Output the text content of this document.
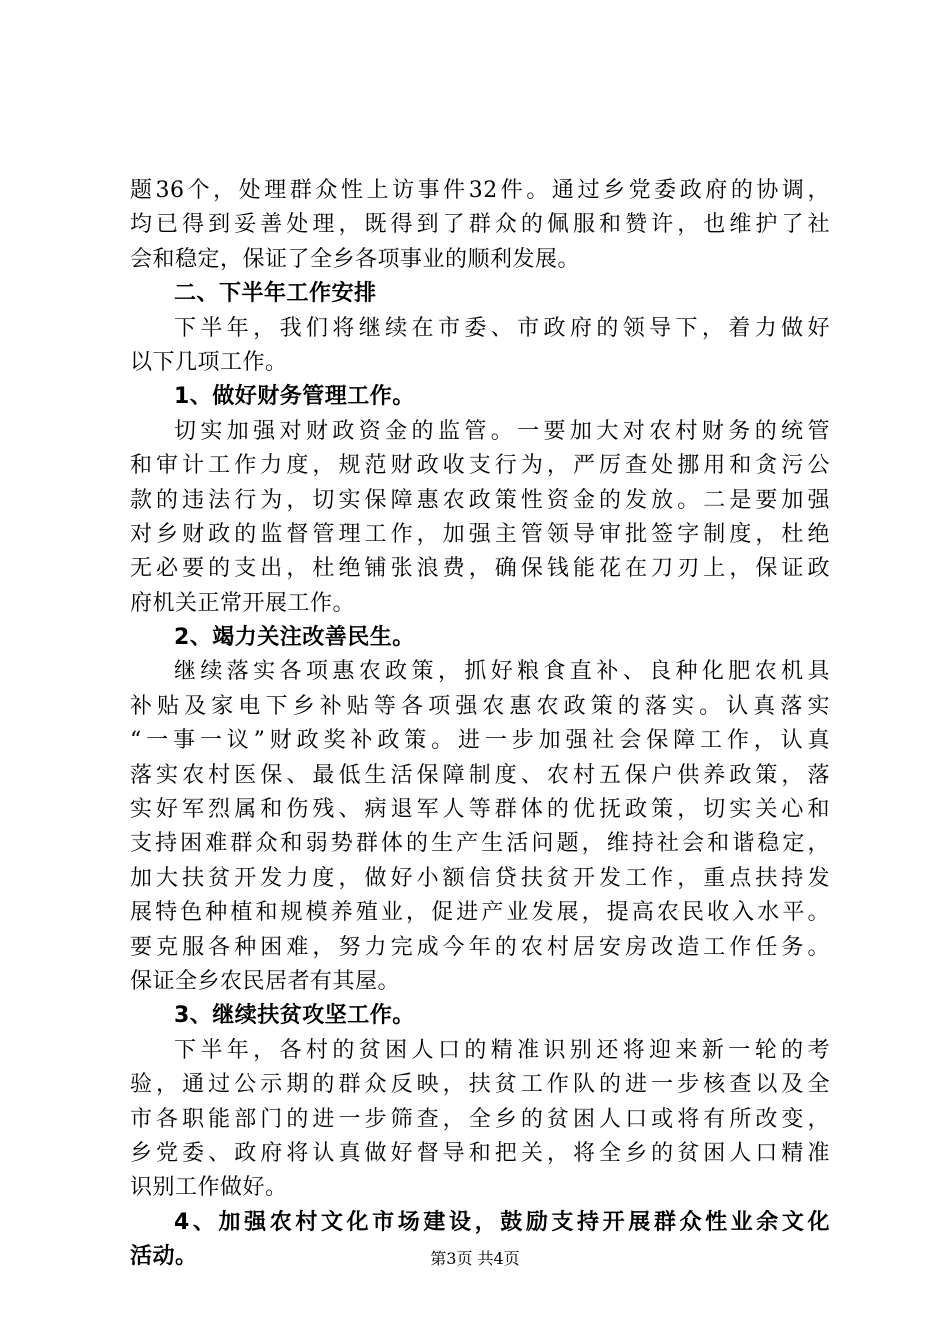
题36个，处理群众性上访事件32件。通过乡党委政府的协调，
均已得到妥善处理，既得到了群众的佩服和赞许，也维护了社
会和稳定，保证了全乡各项事业的顺利发展。
二、下半年工作安排
下半年，我们将继续在市委、市政府的领导下，着力做好
以下几项工作。
1、做好财务管理工作。
切实加强对财政资金的监管。一要加大对农村财务的统管
和审计工作力度，规范财政收支行为，严厉查处挪用和贪污公
款的违法行为，切实保障惠农政策性资金的发放。二是要加强
对乡财政的监督管理工作，加强主管领导审批签字制度，杜绝
无必要的支出，杜绝铺张浪费，确保钱能花在刀刃上，保证政
府机关正常开展工作。
2、竭力关注改善民生。
继续落实各项惠农政策，抓好粮食直补、良种化肥农机具
补贴及家电下乡补贴等各项强农惠农政策的落实。认真落实
“一事一议”财政奖补政策。进一步加强社会保障工作，认真
落实农村医保、最低生活保障制度、农村五保户供养政策，落
实好军烈属和伤残、病退军人等群体的优抚政策，切实关心和
支持困难群众和弱势群体的生产生活问题，维持社会和谐稳定，
加大扶贫开发力度，做好小额信贷扶贫开发工作，重点扶持发
展特色种植和规模养殖业，促进产业发展，提高农民收入水平。
要克服各种困难，努力完成今年的农村居安房改造工作任务。
保证全乡农民居者有其屋。
3、继续扶贫攻坚工作。
下半年，各村的贫困人口的精准识别还将迎来新一轮的考
验，通过公示期的群众反映，扶贫工作队的进一步核查以及全
市各职能部门的进一步筛查，全乡的贫困人口或将有所改变，
乡党委、政府将认真做好督导和把关，将全乡的贫困人口精准
识别工作做好。
4、加强农村文化市场建设，鼓励支持开展群众性业余文化
活动。	第3页 共4页
